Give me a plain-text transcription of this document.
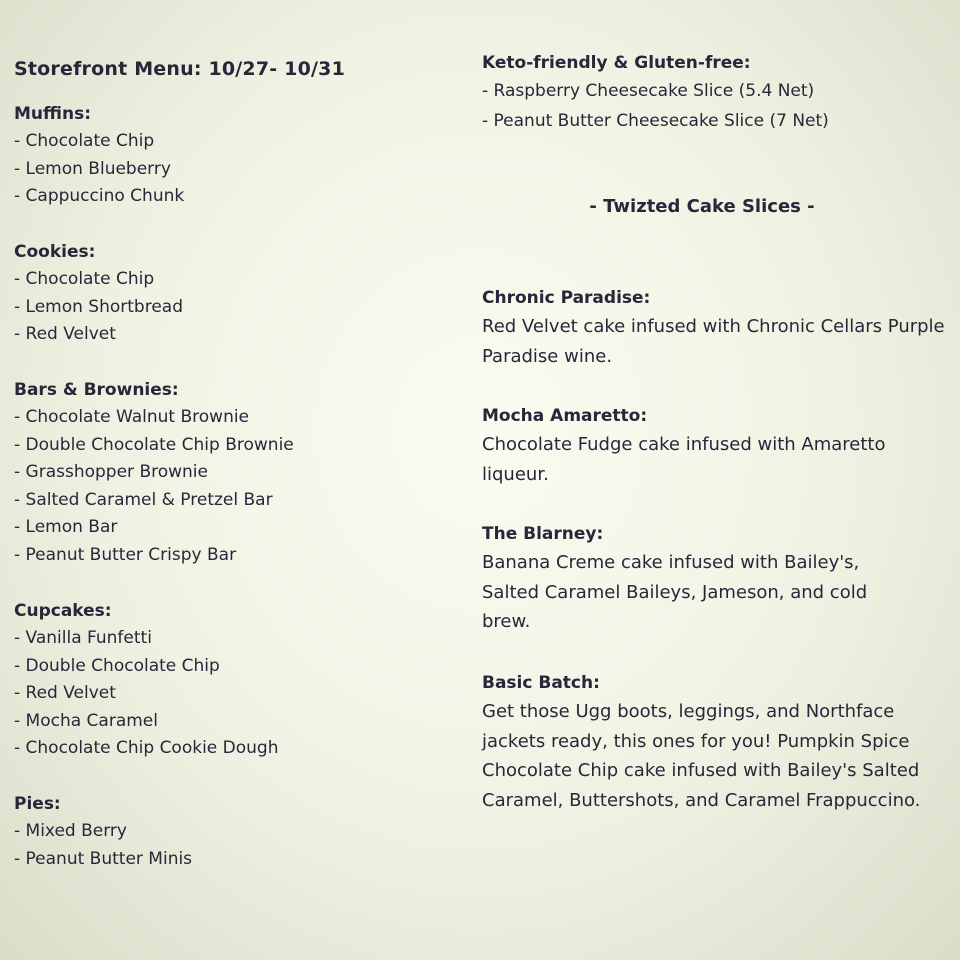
Storefront Menu: 10/27- 10/31

Muffins:

- Chocolate Chip

- Lemon Blueberry

- Cappuccino Chunk

Cookies:

- Chocolate Chip

- Lemon Shortbread

- Red Velvet

Bars & Brownies:

- Chocolate Walnut Brownie

- Double Chocolate Chip Brownie

- Grasshopper Brownie

- Salted Caramel & Pretzel Bar

- Lemon Bar

- Peanut Butter Crispy Bar

Cupcakes:

- Vanilla Funfetti

- Double Chocolate Chip

- Red Velvet

- Mocha Caramel

- Chocolate Chip Cookie Dough

Pies:

- Mixed Berry

- Peanut Butter Minis

Keto-friendly & Gluten-free:

- Raspberry Cheesecake Slice (5.4 Net)

- Peanut Butter Cheesecake Slice (7 Net)

- Twizted Cake Slices -

Chronic Paradise:

Red Velvet cake infused with Chronic Cellars Purple Paradise wine.

Mocha Amaretto:

Chocolate Fudge cake infused with Amaretto liqueur.

The Blarney:

Banana Creme cake infused with Bailey's, Salted Caramel Baileys, Jameson, and cold brew.

Basic Batch:

Get those Ugg boots, leggings, and Northface jackets ready, this ones for you! Pumpkin Spice Chocolate Chip cake infused with Bailey's Salted Caramel, Buttershots, and Caramel Frappuccino.
